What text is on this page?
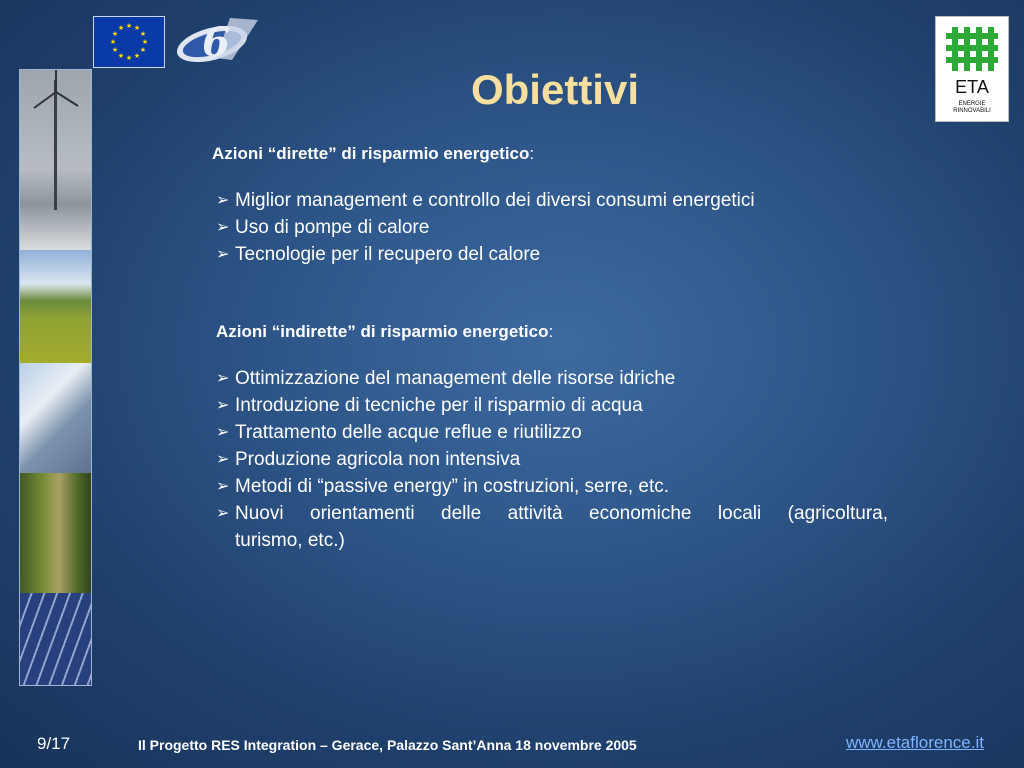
★ ★
★
★
★
★
★
★
★
★
★
★ 6
ETA
ENERGIE
RINNOVABILI
Obiettivi
Azioni “dirette” di risparmio energetico:
➢ Miglior management e controllo dei diversi consumi energetici
➢ Uso di pompe di calore
➢ Tecnologie per il recupero del calore
Azioni “indirette” di risparmio energetico:
➢ Ottimizzazione del management delle risorse idriche
➢ Introduzione di tecniche per il risparmio di acqua
➢ Trattamento delle acque reflue e riutilizzo
➢ Produzione agricola non intensiva
➢ Metodi di “passive energy” in costruzioni, serre, etc.
➢ Nuovi orientamenti delle attività economiche locali (agricoltura,
turismo, etc.)
9/17	Il Progetto RES Integration – Gerace, Palazzo Sant’Anna 18 novembre 2005	www.etaflorence.it
